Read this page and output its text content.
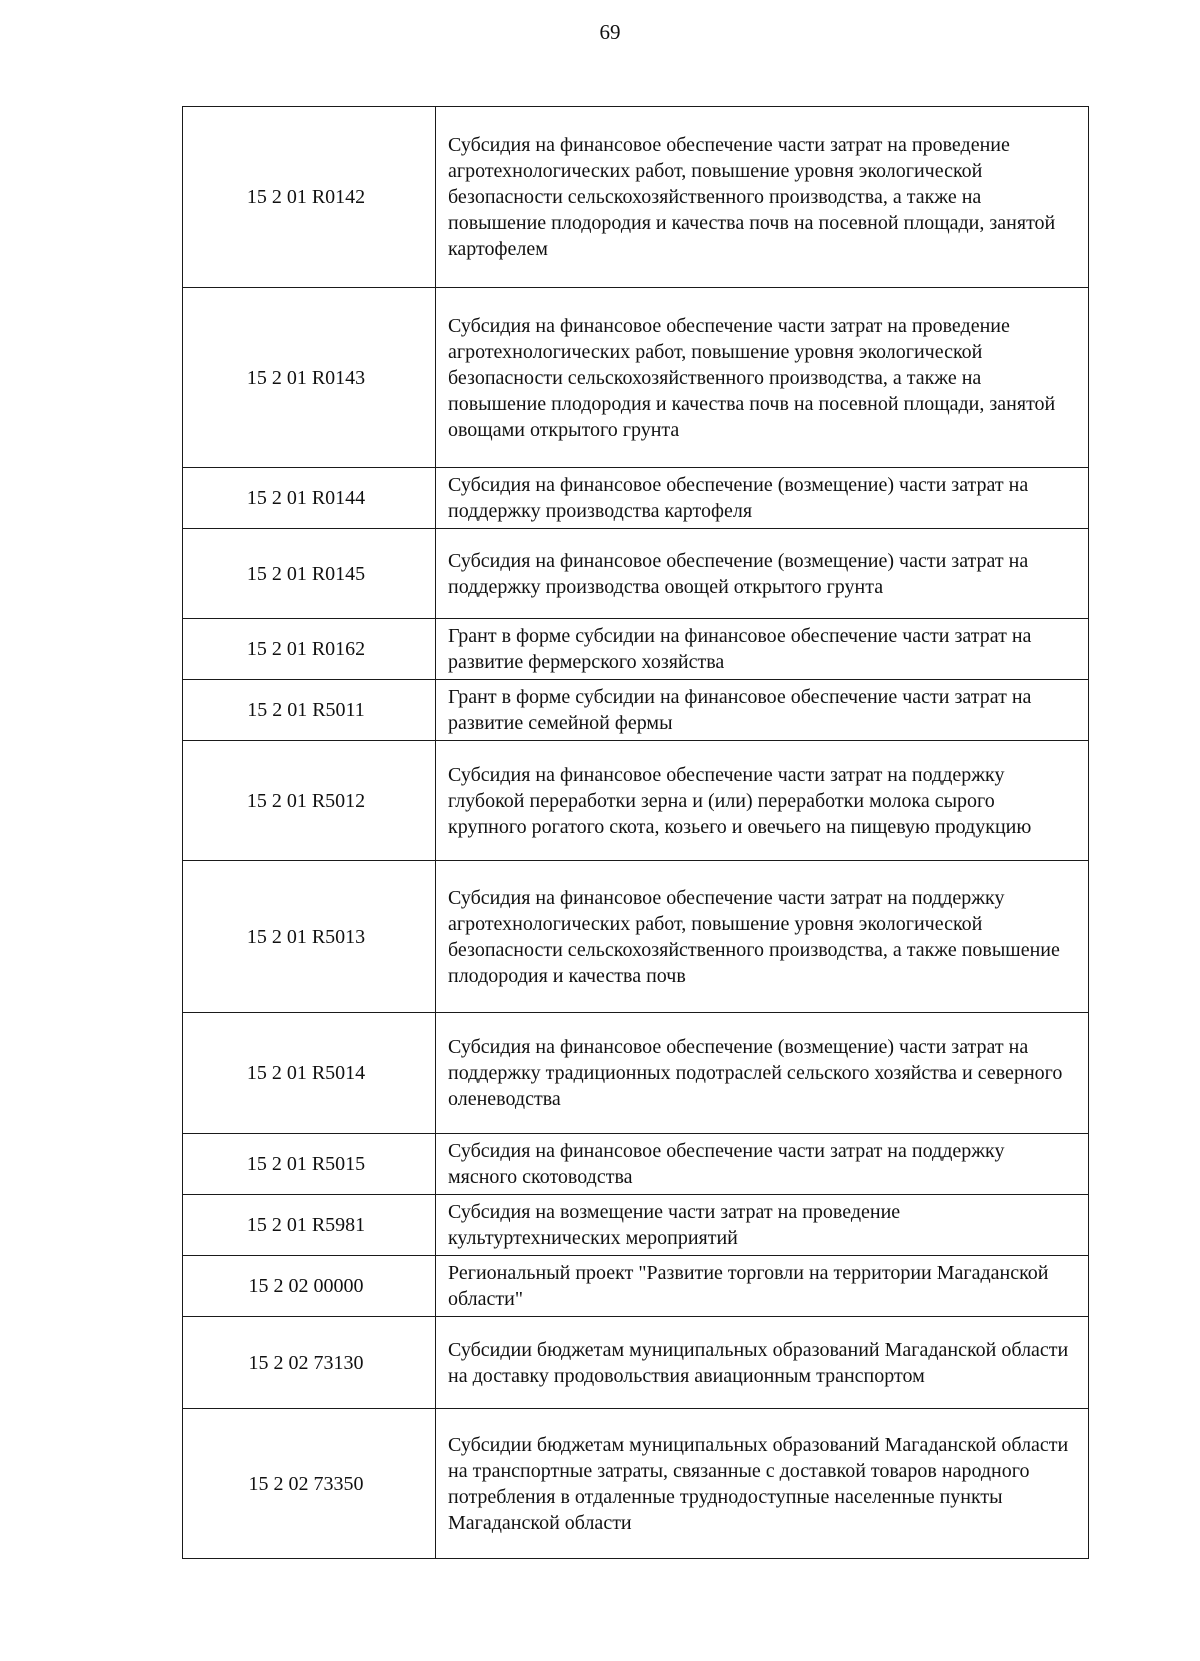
69
15 2 01 R0142	Субсидия на финансовое обеспечение части затрат на проведение агротехнологических работ, повышение уровня экологической безопасности сельскохозяйственного производства, а также на повышение плодородия и качества почв на посевной площади, занятой картофелем
15 2 01 R0143	Субсидия на финансовое обеспечение части затрат на проведение агротехнологических работ, повышение уровня экологической безопасности сельскохозяйственного производства, а также на повышение плодородия и качества почв на посевной площади, занятой овощами открытого грунта
15 2 01 R0144	Субсидия на финансовое обеспечение (возмещение) части затрат на поддержку производства картофеля
15 2 01 R0145	Субсидия на финансовое обеспечение (возмещение) части затрат на поддержку производства овощей открытого грунта
15 2 01 R0162	Грант в форме субсидии на финансовое обеспечение части затрат на развитие фермерского хозяйства
15 2 01 R5011	Грант в форме субсидии на финансовое обеспечение части затрат на развитие семейной фермы
15 2 01 R5012	Субсидия на финансовое обеспечение части затрат на поддержку глубокой переработки зерна и (или) переработки молока сырого крупного рогатого скота, козьего и овечьего на пищевую продукцию
15 2 01 R5013	Субсидия на финансовое обеспечение части затрат на поддержку агротехнологических работ, повышение уровня экологической безопасности сельскохозяйственного производства, а также повышение плодородия и качества почв
15 2 01 R5014	Субсидия на финансовое обеспечение (возмещение) части затрат на поддержку традиционных подотраслей сельского хозяйства и северного оленеводства
15 2 01 R5015	Субсидия на финансовое обеспечение части затрат на поддержку мясного скотоводства
15 2 01 R5981	Субсидия на возмещение части затрат на проведение культуртехнических мероприятий
15 2 02 00000	Региональный проект "Развитие торговли на территории Магаданской области"
15 2 02 73130	Субсидии бюджетам муниципальных образований Магаданской области на доставку продовольствия авиационным транспортом
15 2 02 73350	Субсидии бюджетам муниципальных образований Магаданской области на транспортные затраты, связанные с доставкой товаров народного потребления в отдаленные труднодоступные населенные пункты Магаданской области
